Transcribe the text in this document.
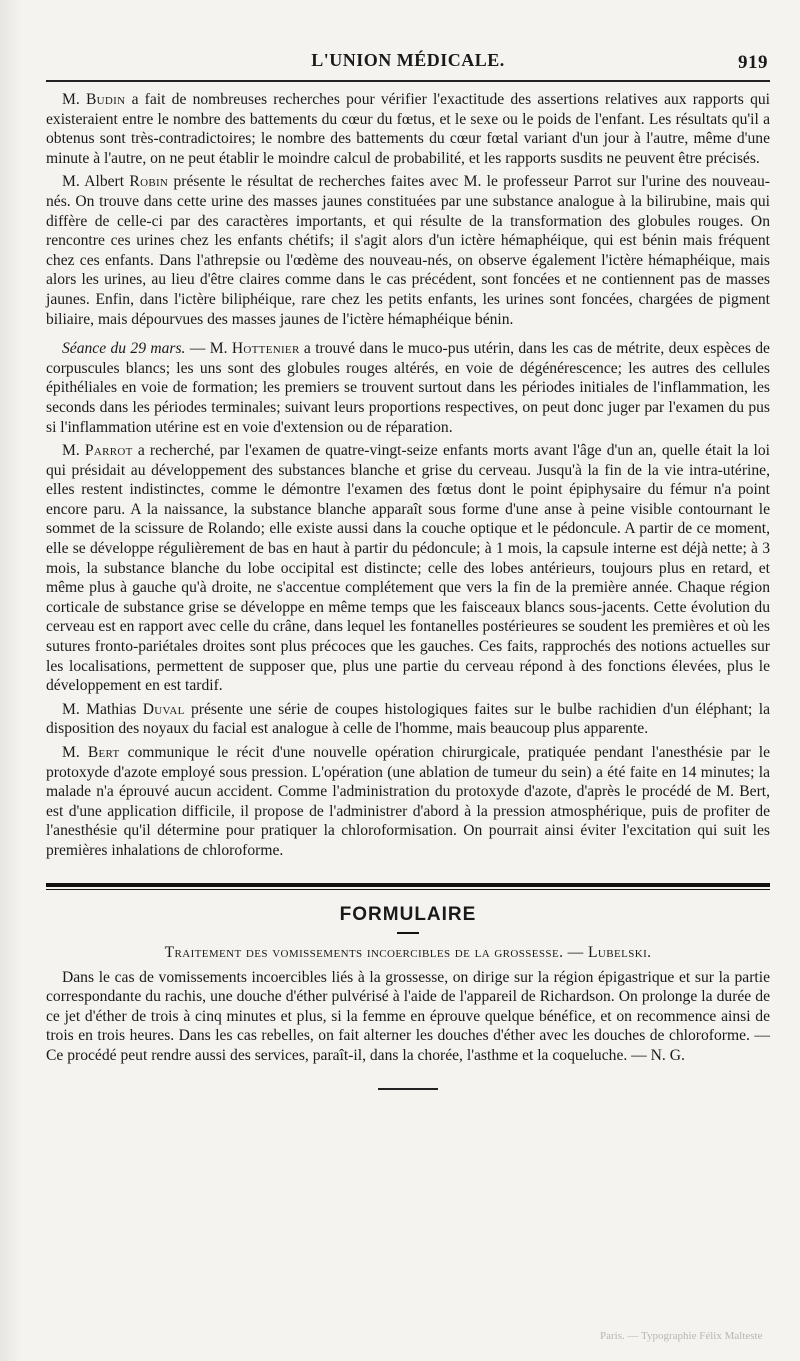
L'UNION MÉDICALE.	919

M. Budin a fait de nombreuses recherches pour vérifier l'exactitude des assertions relatives aux rapports qui existeraient entre le nombre des battements du cœur du fœtus, et le sexe ou le poids de l'enfant. Les résultats qu'il a obtenus sont très-contradictoires; le nombre des battements du cœur fœtal variant d'un jour à l'autre, même d'une minute à l'autre, on ne peut établir le moindre calcul de probabilité, et les rapports susdits ne peuvent être précisés.

M. Albert Robin présente le résultat de recherches faites avec M. le professeur Parrot sur l'urine des nouveau-nés. On trouve dans cette urine des masses jaunes constituées par une substance analogue à la bilirubine, mais qui diffère de celle-ci par des caractères importants, et qui résulte de la transformation des globules rouges. On rencontre ces urines chez les enfants chétifs; il s'agit alors d'un ictère hémaphéique, qui est bénin mais fréquent chez ces enfants. Dans l'athrepsie ou l'œdème des nouveau-nés, on observe également l'ictère hémaphéique, mais alors les urines, au lieu d'être claires comme dans le cas précédent, sont foncées et ne contiennent pas de masses jaunes. Enfin, dans l'ictère biliphéique, rare chez les petits enfants, les urines sont foncées, chargées de pigment biliaire, mais dépourvues des masses jaunes de l'ictère hémaphéique bénin.

Séance du 29 mars. — M. Hottenier a trouvé dans le muco-pus utérin, dans les cas de métrite, deux espèces de corpuscules blancs; les uns sont des globules rouges altérés, en voie de dégénérescence; les autres des cellules épithéliales en voie de formation; les premiers se trouvent surtout dans les périodes initiales de l'inflammation, les seconds dans les périodes terminales; suivant leurs proportions respectives, on peut donc juger par l'examen du pus si l'inflammation utérine est en voie d'extension ou de réparation.

M. Parrot a recherché, par l'examen de quatre-vingt-seize enfants morts avant l'âge d'un an, quelle était la loi qui présidait au développement des substances blanche et grise du cerveau. Jusqu'à la fin de la vie intra-utérine, elles restent indistinctes, comme le démontre l'examen des fœtus dont le point épiphysaire du fémur n'a point encore paru. A la naissance, la substance blanche apparaît sous forme d'une anse à peine visible contournant le sommet de la scissure de Rolando; elle existe aussi dans la couche optique et le pédoncule. A partir de ce moment, elle se développe régulièrement de bas en haut à partir du pédoncule; à 1 mois, la capsule interne est déjà nette; à 3 mois, la substance blanche du lobe occipital est distincte; celle des lobes antérieurs, toujours plus en retard, et même plus à gauche qu'à droite, ne s'accentue complétement que vers la fin de la première année. Chaque région corticale de substance grise se développe en même temps que les faisceaux blancs sous-jacents. Cette évolution du cerveau est en rapport avec celle du crâne, dans lequel les fontanelles postérieures se soudent les premières et où les sutures fronto-pariétales droites sont plus précoces que les gauches. Ces faits, rapprochés des notions actuelles sur les localisations, permettent de supposer que, plus une partie du cerveau répond à des fonctions élevées, plus le développement en est tardif.

M. Mathias Duval présente une série de coupes histologiques faites sur le bulbe rachidien d'un éléphant; la disposition des noyaux du facial est analogue à celle de l'homme, mais beaucoup plus apparente.

M. Bert communique le récit d'une nouvelle opération chirurgicale, pratiquée pendant l'anesthésie par le protoxyde d'azote employé sous pression. L'opération (une ablation de tumeur du sein) a été faite en 14 minutes; la malade n'a éprouvé aucun accident. Comme l'administration du protoxyde d'azote, d'après le procédé de M. Bert, est d'une application difficile, il propose de l'administrer d'abord à la pression atmosphérique, puis de profiter de l'anesthésie qu'il détermine pour pratiquer la chloroformisation. On pourrait ainsi éviter l'excitation qui suit les premières inhalations de chloroforme.

FORMULAIRE
Traitement des vomissements incoercibles de la grossesse. — Lubelski.

Dans le cas de vomissements incoercibles liés à la grossesse, on dirige sur la région épigastrique et sur la partie correspondante du rachis, une douche d'éther pulvérisé à l'aide de l'appareil de Richardson. On prolonge la durée de ce jet d'éther de trois à cinq minutes et plus, si la femme en éprouve quelque bénéfice, et on recommence ainsi de trois en trois heures. Dans les cas rebelles, on fait alterner les douches d'éther avec les douches de chloroforme. — Ce procédé peut rendre aussi des services, paraît-il, dans la chorée, l'asthme et la coqueluche. — N. G.

Paris. — Typographie Félix Malteste
